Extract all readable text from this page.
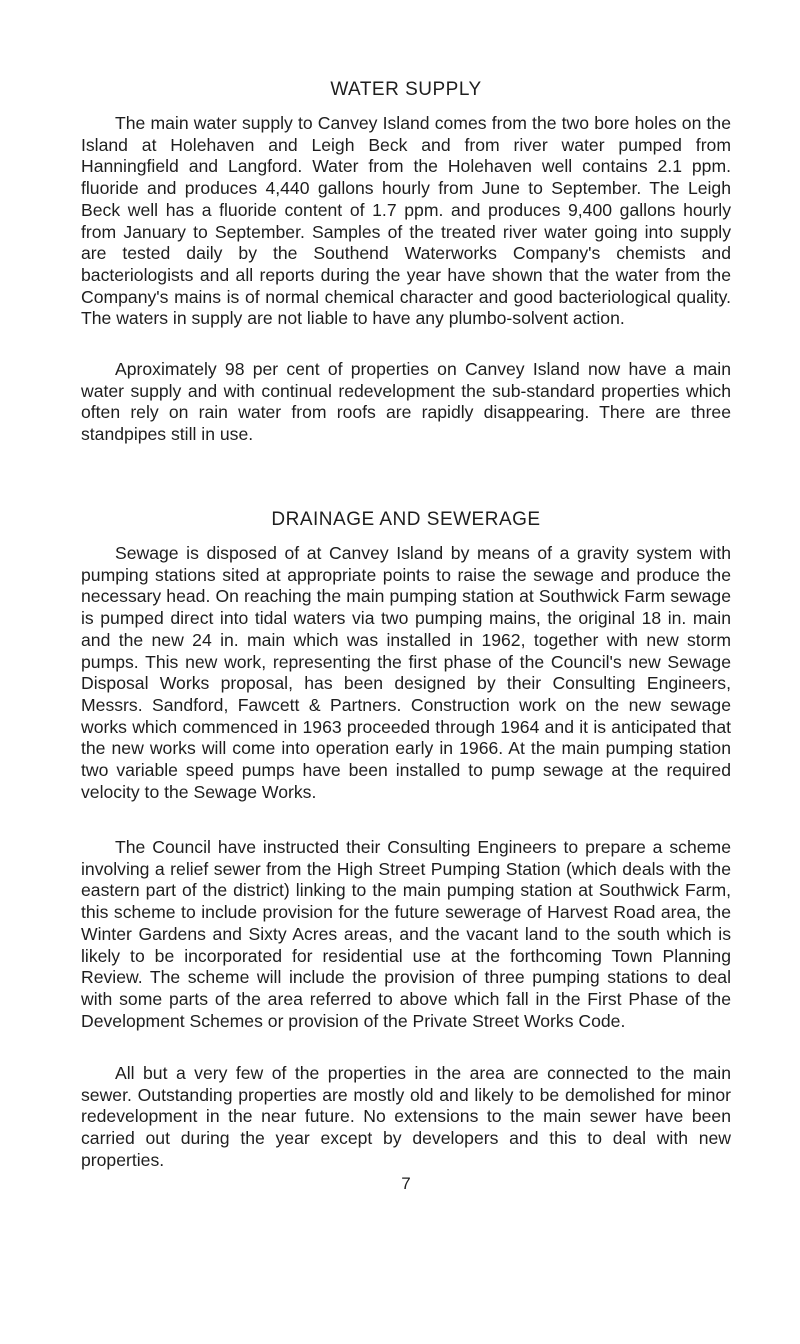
WATER SUPPLY

The main water supply to Canvey Island comes from the two bore holes on the Island at Holehaven and Leigh Beck and from river water pumped from Hanningfield and Langford. Water from the Holehaven well contains 2.1 ppm. fluoride and produces 4,440 gallons hourly from June to September. The Leigh Beck well has a fluoride content of 1.7 ppm. and produces 9,400 gallons hourly from January to September. Samples of the treated river water going into supply are tested daily by the Southend Waterworks Company's chemists and bacteriologists and all reports during the year have shown that the water from the Company's mains is of normal chemical character and good bacteriological quality. The waters in supply are not liable to have any plumbo-solvent action.

Aproximately 98 per cent of properties on Canvey Island now have a main water supply and with continual redevelopment the sub-standard properties which often rely on rain water from roofs are rapidly disappearing. There are three standpipes still in use.

DRAINAGE AND SEWERAGE

Sewage is disposed of at Canvey Island by means of a gravity system with pumping stations sited at appropriate points to raise the sewage and produce the necessary head. On reaching the main pumping station at Southwick Farm sewage is pumped direct into tidal waters via two pumping mains, the original 18 in. main and the new 24 in. main which was installed in 1962, together with new storm pumps. This new work, representing the first phase of the Council's new Sewage Disposal Works proposal, has been designed by their Consulting Engineers, Messrs. Sandford, Fawcett & Partners. Construction work on the new sewage works which commenced in 1963 proceeded through 1964 and it is anticipated that the new works will come into operation early in 1966. At the main pumping station two variable speed pumps have been installed to pump sewage at the required velocity to the Sewage Works.

The Council have instructed their Consulting Engineers to prepare a scheme involving a relief sewer from the High Street Pumping Station (which deals with the eastern part of the district) linking to the main pumping station at Southwick Farm, this scheme to include provision for the future sewerage of Harvest Road area, the Winter Gardens and Sixty Acres areas, and the vacant land to the south which is likely to be incorporated for residential use at the forthcoming Town Planning Review. The scheme will include the provision of three pumping stations to deal with some parts of the area referred to above which fall in the First Phase of the Development Schemes or provision of the Private Street Works Code.

All but a very few of the properties in the area are connected to the main sewer. Outstanding properties are mostly old and likely to be demolished for minor redevelopment in the near future. No extensions to the main sewer have been carried out during the year except by developers and this to deal with new properties.

7
